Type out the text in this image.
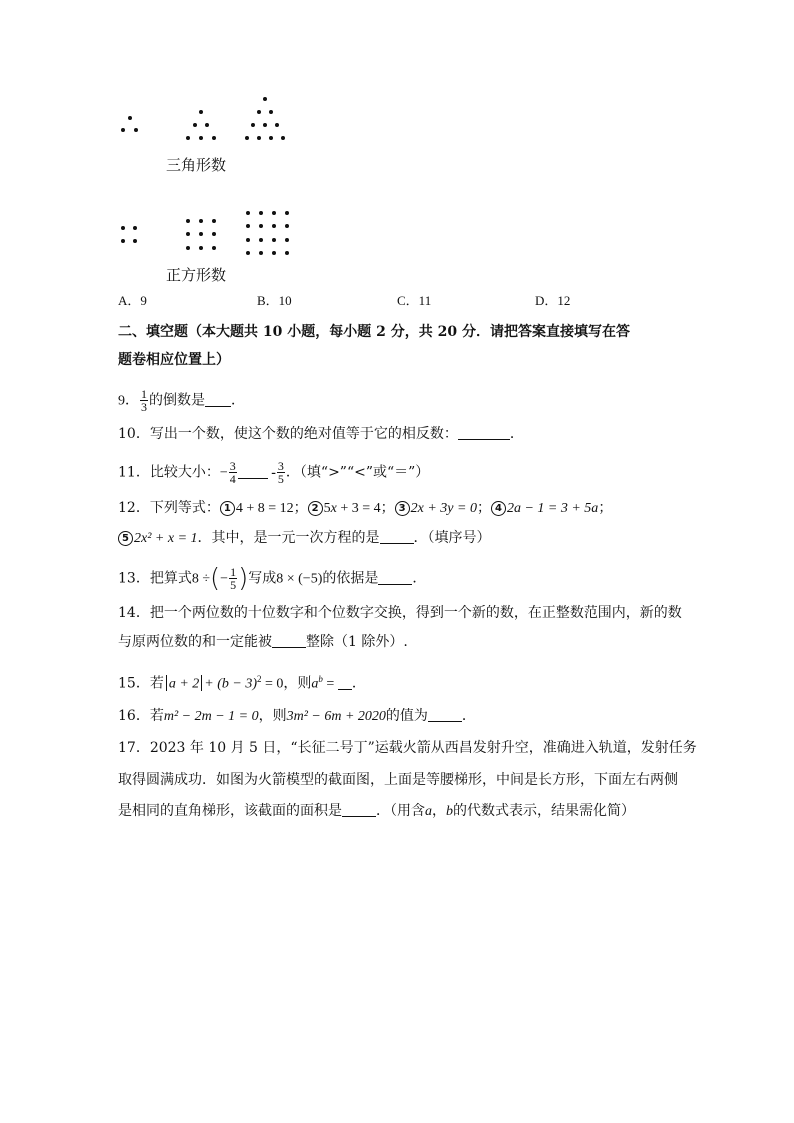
三角形数
正方形数
A．9	B．10	C．11	D．12
二、填空题（本大题共 10 小题，每小题 2 分，共 20 分．请把答案直接填写在答
题卷相应位置上）
9． $\frac{1}{3}$ 的倒数是 ．
10．写出一个数，使这个数的绝对值等于它的相反数：	．
11．比较大小：− $\frac{3}{4} - \frac{3}{5}$ ．（填“>”“<”或“＝”）
12．下列等式： 1 4 + 8 = 12； 2 5x + 3 = 4； 3 2x + 3y = 0； 4 2a − 1 = 3 + 5a；
5 2x² + x = 1．其中，是一元一次方程的是 ．（填序号）
13．把算式8 ÷(− $\frac{1}{5}$ )写成8 × (−5)的依据是 ．
14．把一个两位数的十位数字和个位数字交换，得到一个新的数，在正整数范围内，新的数
与原两位数的和一定能被 整除（1 除外）.
15．若 $a + 2 + (b - 3)^2 = 0$，则$a^b$ = ．
16．若m² − 2m − 1 = 0，则3m² − 6m + 2020的值为 ．
17．2023 年 10 月 5 日，“长征二号丁”运载火箭从西昌发射升空，准确进入轨道，发射任务
取得圆满成功．如图为火箭模型的截面图，上面是等腰梯形，中间是长方形，下面左右两侧
是相同的直角梯形，该截面的面积是 ．（用含a，b的代数式表示，结果需化简）
